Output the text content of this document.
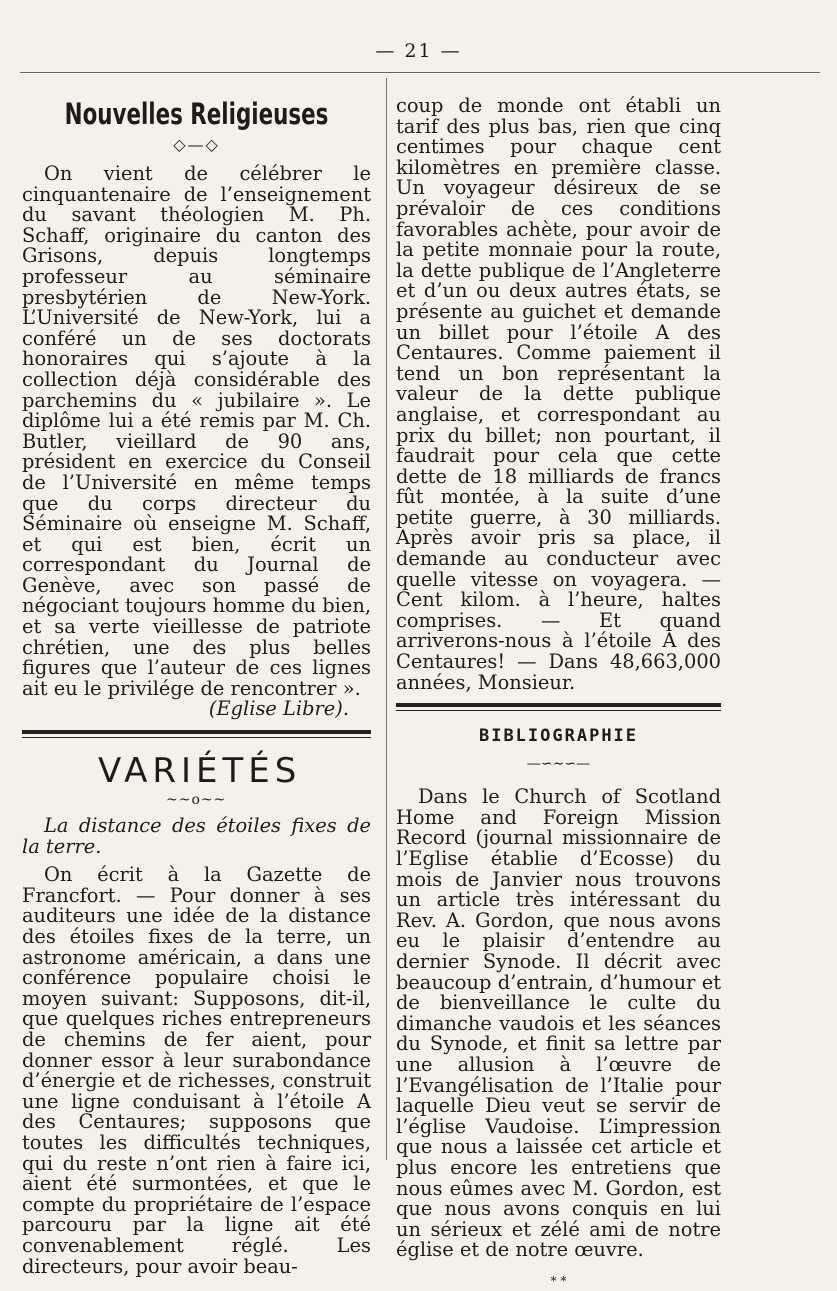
— 21 —
Nouvelles Religieuses
◇—◇

On vient de célébrer le cinquantenaire de l’enseignement du savant théologien M. Ph. Schaff, originaire du canton des Grisons, depuis longtemps professeur au séminaire presbytérien de New-York. L’Université de New-York, lui a conféré un de ses doctorats honoraires qui s’ajoute à la collection déjà considérable des parchemins du « jubilaire ». Le diplôme lui a été remis par M. Ch. Butler, vieillard de 90 ans, président en exercice du Conseil de l’Université en même temps que du corps directeur du Séminaire où enseigne M. Schaff, et qui est bien, écrit un correspondant du Journal de Genève, avec son passé de négociant toujours homme du bien, et sa verte vieillesse de patriote chrétien, une des plus belles figures que l’auteur de ces lignes ait eu le privilége de rencontrer ».

(Eglise Libre).

VARIÉTÉS
~~o~~

La distance des étoiles fixes de la terre.

On écrit à la Gazette de Francfort. — Pour donner à ses auditeurs une idée de la distance des étoiles fixes de la terre, un astronome américain, a dans une conférence populaire choisi le moyen suivant: Supposons, dit-il, que quelques riches entrepreneurs de chemins de fer aient, pour donner essor à leur surabondance d’énergie et de richesses, construit une ligne conduisant à l’étoile A des Centaures; supposons que toutes les difficultés techniques, qui du reste n’ont rien à faire ici, aient été surmontées, et que le compte du propriétaire de l’espace parcouru par la ligne ait été convenablement réglé. Les directeurs, pour avoir beau-

coup de monde ont établi un tarif des plus bas, rien que cinq centimes pour chaque cent kilomètres en première classe. Un voyageur désireux de se prévaloir de ces conditions favorables achète, pour avoir de la petite monnaie pour la route, la dette publique de l’Angleterre et d’un ou deux autres états, se présente au guichet et demande un billet pour l’étoile A des Centaures. Comme paiement il tend un bon représentant la valeur de la dette publique anglaise, et correspondant au prix du billet; non pourtant, il faudrait pour cela que cette dette de 18 milliards de francs fût montée, à la suite d’une petite guerre, à 30 milliards. Après avoir pris sa place, il demande au conducteur avec quelle vitesse on voyagera. — Cent kilom. à l’heure, haltes comprises. — Et quand arriverons-nous à l’étoile A des Centaures! — Dans 48,663,000 années, Monsieur.

BIBLIOGRAPHIE
—∽∼∽—

Dans le Church of Scotland Home and Foreign Mission Record (journal missionnaire de l’Eglise établie d’Ecosse) du mois de Janvier nous trouvons un article très intéressant du Rev. A. Gordon, que nous avons eu le plaisir d’entendre au dernier Synode. Il décrit avec beaucoup d’entrain, d’humour et de bienveillance le culte du dimanche vaudois et les séances du Synode, et finit sa lettre par une allusion à l’œuvre de l’Evangélisation de l’Italie pour laquelle Dieu veut se servir de l’église Vaudoise. L’impression que nous a laissée cet article et plus encore les entretiens que nous eûmes avec M. Gordon, est que nous avons conquis en lui un sérieux et zélé ami de notre église et de notre œuvre.

* *
